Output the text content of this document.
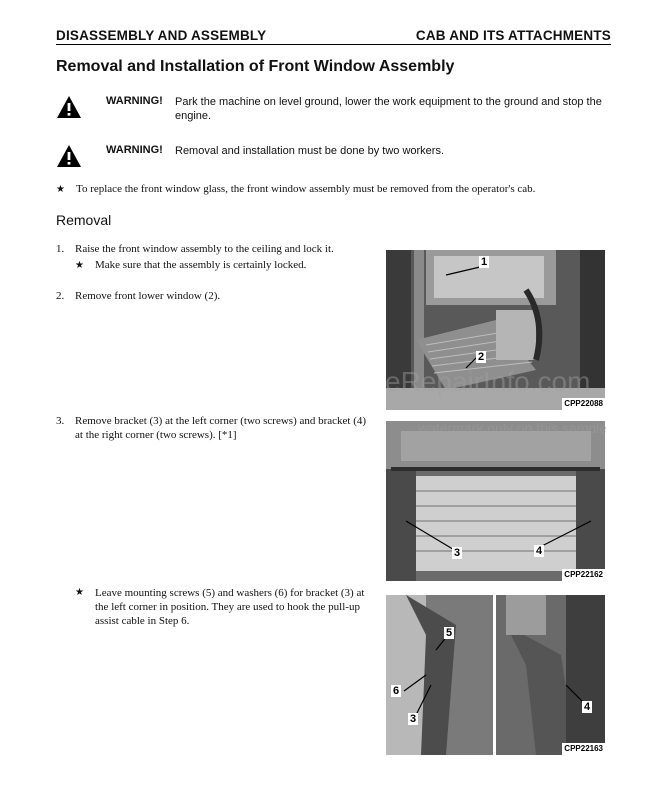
DISASSEMBLY AND ASSEMBLY	CAB AND ITS ATTACHMENTS
Removal and Installation of Front Window Assembly
WARNING! Park the machine on level ground, lower the work equipment to the ground and stop the engine.
WARNING! Removal and installation must be done by two workers.
★ To replace the front window glass, the front window assembly must be removed from the operator's cab.
Removal
1. Raise the front window assembly to the ceiling and lock it.
★ Make sure that the assembly is certainly locked.
2. Remove front lower window (2).
3. Remove bracket (3) at the left corner (two screws) and bracket (4) at the right corner (two screws). [*1]
★	Leave mounting screws (5) and washers (6) for bracket (3) at the left corner in position. They are used to hook the pull-up assist cable in Step 6.
1
2
CPP22088
3	4
CPP22162
5
6
3
4
CPP22163
eRepairInfo.com
watermark only on this sample
